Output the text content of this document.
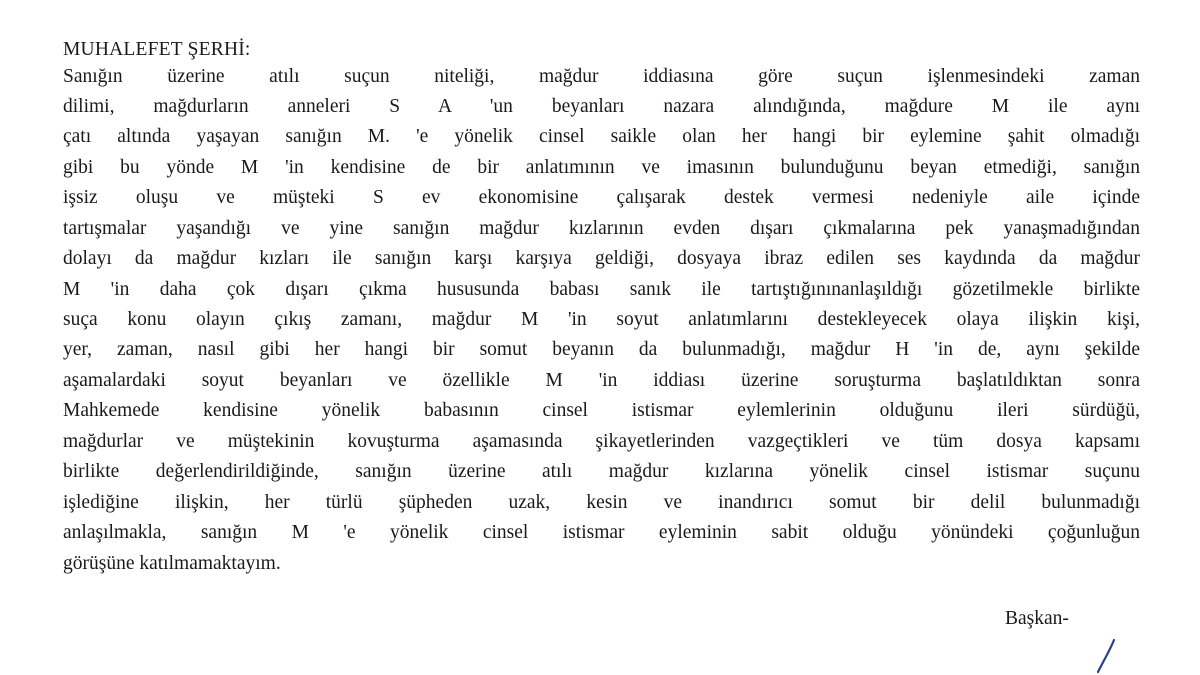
MUHALEFET ŞERHİ:
Sanığın üzerine atılı suçun niteliği, mağdur iddiasına göre suçun işlenmesindeki zaman
dilimi, mağdurların anneleri S A 'un beyanları nazara alındığında, mağdure M ile aynı
çatı altında yaşayan sanığın M. 'e yönelik cinsel saikle olan her hangi bir eylemine şahit olmadığı
gibi bu yönde M 'in kendisine de bir anlatımının ve imasının bulunduğunu beyan etmediği, sanığın
işsiz oluşu ve müşteki S ev ekonomisine çalışarak destek vermesi nedeniyle aile içinde
tartışmalar yaşandığı ve yine sanığın mağdur kızlarının evden dışarı çıkmalarına pek yanaşmadığından
dolayı da mağdur kızları ile sanığın karşı karşıya geldiği, dosyaya ibraz edilen ses kaydında da mağdur
M 'in daha çok dışarı çıkma hususunda babası sanık ile tartıştığınınanlaşıldığı gözetilmekle birlikte
suça konu olayın çıkış zamanı, mağdur M 'in soyut anlatımlarını destekleyecek olaya ilişkin kişi,
yer, zaman, nasıl gibi her hangi bir somut beyanın da bulunmadığı, mağdur H 'in de, aynı şekilde
aşamalardaki soyut beyanları ve özellikle M 'in iddiası üzerine soruşturma başlatıldıktan sonra
Mahkemede kendisine yönelik babasının cinsel istismar eylemlerinin olduğunu ileri sürdüğü,
mağdurlar ve müştekinin kovuşturma aşamasında şikayetlerinden vazgeçtikleri ve tüm dosya kapsamı
birlikte değerlendirildiğinde, sanığın üzerine atılı mağdur kızlarına yönelik cinsel istismar suçunu
işlediğine ilişkin, her türlü şüpheden uzak, kesin ve inandırıcı somut bir delil bulunmadığı
anlaşılmakla, sanığın M 'e yönelik cinsel istismar eyleminin sabit olduğu yönündeki çoğunluğun
görüşüne katılmamaktayım.
Başkan-
